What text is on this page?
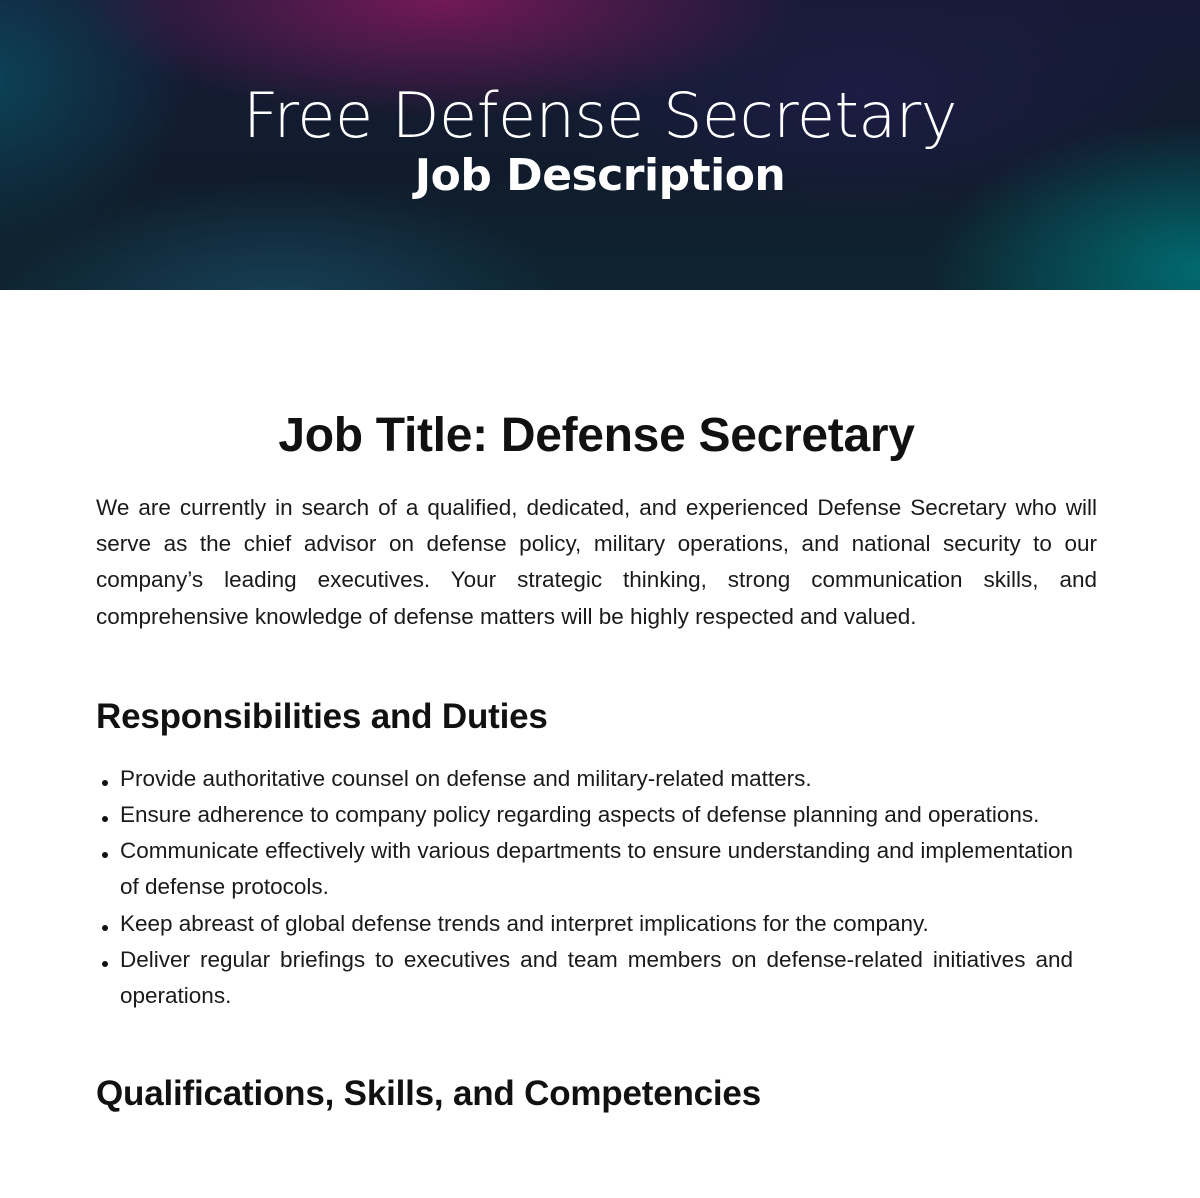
Free Defense Secretary
Job Description
Job Title: Defense Secretary

We are currently in search of a qualified, dedicated, and experienced Defense Secretary who will serve as the chief advisor on defense policy, military operations, and national security to our company’s leading executives. Your strategic thinking, strong communication skills, and comprehensive knowledge of defense matters will be highly respected and valued.

Responsibilities and Duties
Provide authoritative counsel on defense and military-related matters.
Ensure adherence to company policy regarding aspects of defense planning and operations.
Communicate effectively with various departments to ensure understanding and implementation of defense protocols.
Keep abreast of global defense trends and interpret implications for the company.
Deliver regular briefings to executives and team members on defense-related initiatives and operations.
Qualifications, Skills, and Competencies
